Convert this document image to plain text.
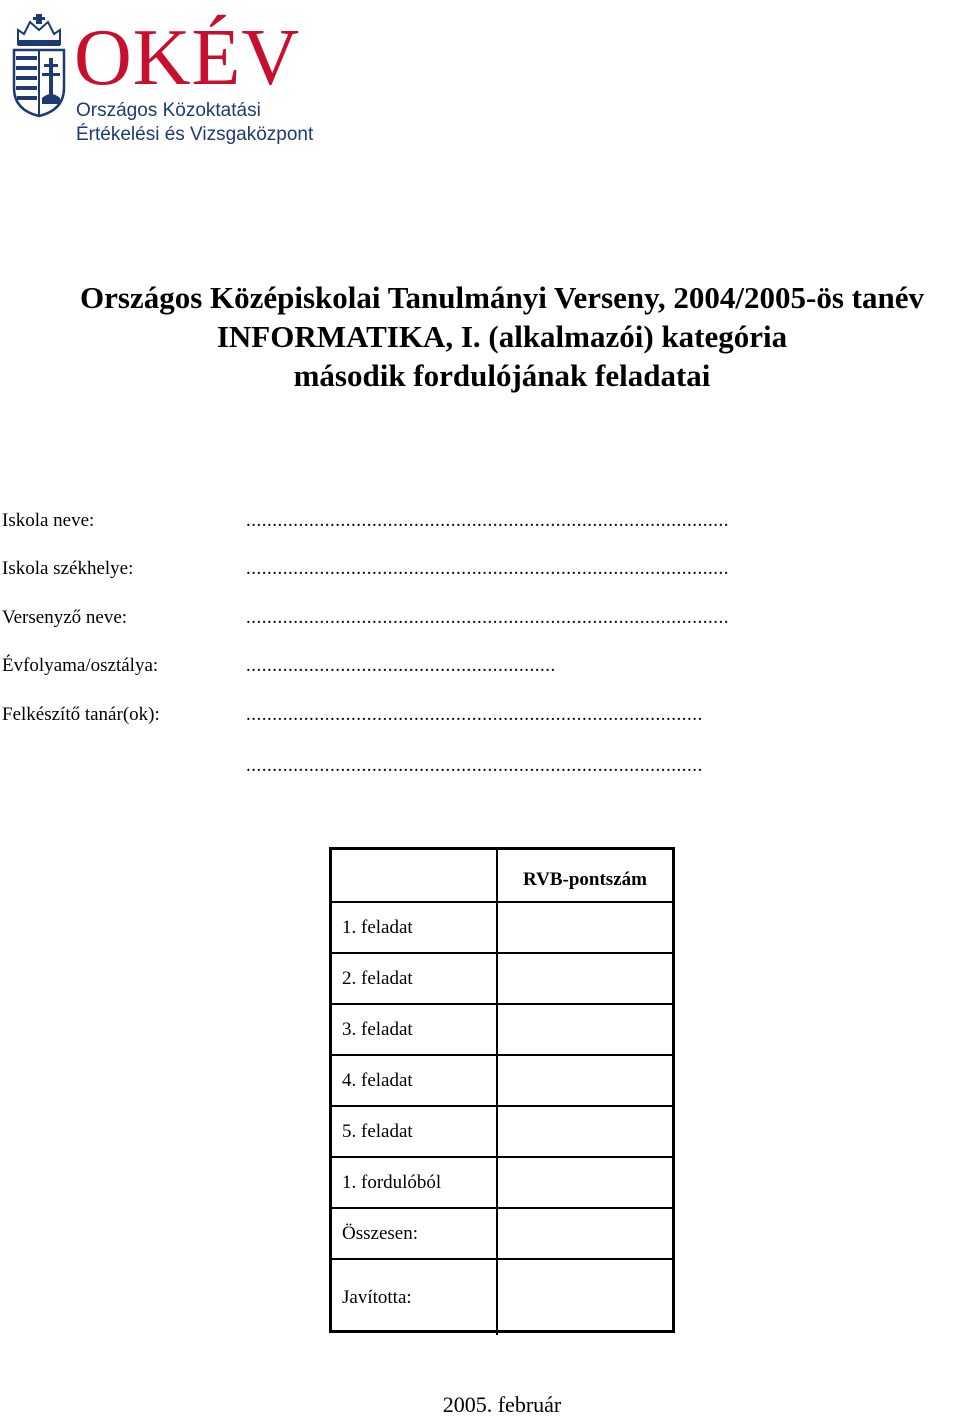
OKÉV
Országos Közoktatási
Értékelési és Vizsgaközpont
Országos Középiskolai Tanulmányi Verseny, 2004/2005-ös tanév
INFORMATIKA, I. (alkalmazói) kategória
második fordulójának feladatai
Iskola neve:	............................................................................................
Iskola székhelye:	............................................................................................
Versenyző neve:	............................................................................................
Évfolyama/osztálya:	...........................................................
Felkészítő tanár(ok):	.......................................................................................
.......................................................................................
	RVB-pontszám
1. feladat	
2. feladat	
3. feladat	
4. feladat	
5. feladat	
1. fordulóból	
Összesen:	
Javította:	
2005. február
